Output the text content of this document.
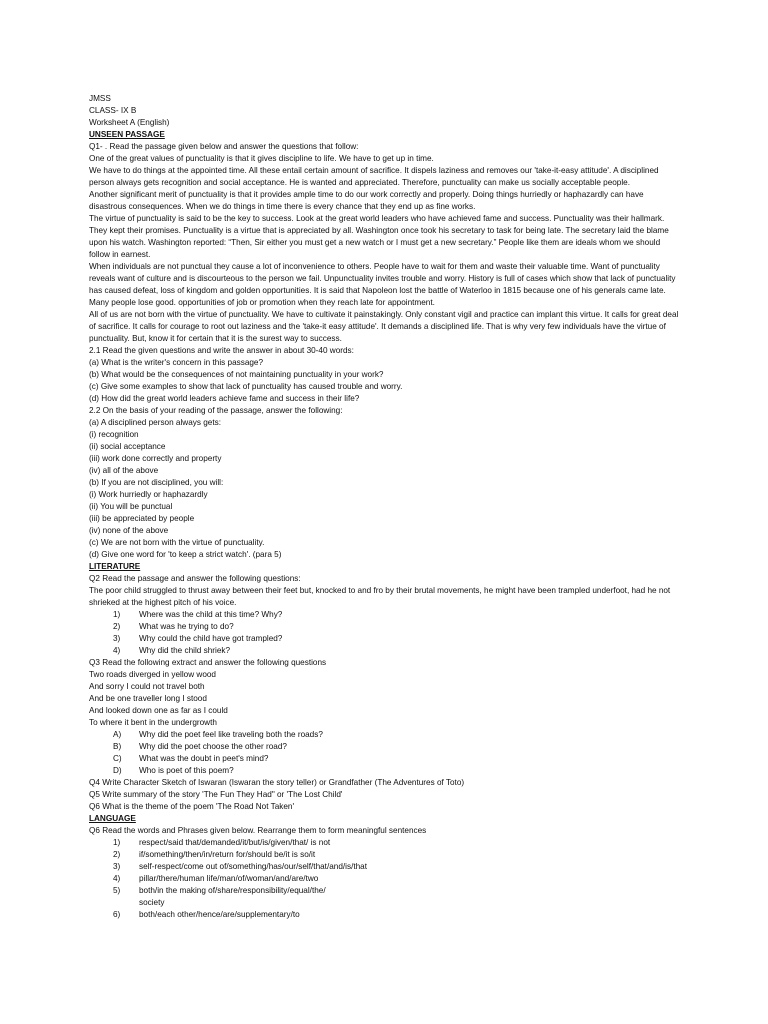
JMSS
CLASS- IX B
Worksheet A (English)
UNSEEN PASSAGE
Q1- . Read the passage given below and answer the questions that follow:
One of the great values of punctuality is that it gives discipline to life. We have to get up in time.
We have to do things at the appointed time. All these entail certain amount of sacrifice. It dispels laziness and removes our 'take-it-easy attitude'. A disciplined person always gets recognition and social acceptance. He is wanted and appreciated. Therefore, punctuality can make us socially acceptable people.
Another significant merit of punctuality is that it provides ample time to do our work correctly and properly. Doing things hurriedly or haphazardly can have disastrous consequences. When we do things in time there is every chance that they end up as fine works.
The virtue of punctuality is said to be the key to success. Look at the great world leaders who have achieved fame and success. Punctuality was their hallmark. They kept their promises. Punctuality is a virtue that is appreciated by all. Washington once took his secretary to task for being late. The secretary laid the blame upon his watch. Washington reported: “Then, Sir either you must get a new watch or I must get a new secretary.” People like them are ideals whom we should follow in earnest.
When individuals are not punctual they cause a lot of inconvenience to others. People have to wait for them and waste their valuable time. Want of punctuality reveals want of culture and is discourteous to the person we fail. Unpunctuality invites trouble and worry. History is full of cases which show that lack of punctuality has caused defeat, loss of kingdom and golden opportunities. It is said that Napoleon lost the battle of Waterloo in 1815 because one of his generals came late. Many people lose good. opportunities of job or promotion when they reach late for appointment.
All of us are not born with the virtue of punctuality. We have to cultivate it painstakingly. Only constant vigil and practice can implant this virtue. It calls for great deal of sacrifice. It calls for courage to root out laziness and the 'take-it easy attitude'. It demands a disciplined life. That is why very few individuals have the virtue of punctuality. But, know it for certain that it is the surest way to success.
2.1 Read the given questions and write the answer in about 30-40 words:
(a) What is the writer's concern in this passage?
(b) What would be the consequences of not maintaining punctuality in your work?
(c) Give some examples to show that lack of punctuality has caused trouble and worry.
(d) How did the great world leaders achieve fame and success in their life?
2.2 On the basis of your reading of the passage, answer the following:
(a) A disciplined person always gets:
(i) recognition
(ii) social acceptance
(iii) work done correctly and property
(iv) all of the above
(b) If you are not disciplined, you will:
(i) Work hurriedly or haphazardly
(ii) You will be punctual
(iii) be appreciated by people
(iv) none of the above
(c) We are not born with the virtue of punctuality.
(d) Give one word for 'to keep a strict watch'. (para 5)
LITERATURE
Q2 Read the passage and answer the following questions:
The poor child struggled to thrust away between their feet but, knocked to and fro by their brutal movements, he might have been trampled underfoot, had he not shrieked at the highest pitch of his voice.
1)	Where was the child at this time? Why?
2)	What was he trying to do?
3)	Why could the child have got trampled?
4)	Why did the child shriek?
Q3 Read the following extract and answer the following questions
Two roads diverged in yellow wood
And sorry I could not travel both
And be one traveller long I stood
And looked down one as far as I could
To where it bent in the undergrowth
A)	Why did the poet feel like traveling both the roads?
B)	Why did the poet choose the other road?
C)	What was the doubt in peet's mind?
D)	Who is poet of this poem?
Q4 Write Character Sketch of Iswaran (Iswaran the story teller) or Grandfather (The Adventures of Toto)
Q5 Write summary of the story 'The Fun They Had" or 'The Lost Child'
Q6 What is the theme of the poem 'The Road Not Taken'
LANGUAGE
Q6 Read the words and Phrases given below. Rearrange them to form meaningful sentences
1)	respect/said that/demanded/it/but/is/given/that/ is not
2)	if/something/then/in/return for/should be/it is so/it
3)	self-respect/come out of/something/has/our/self/that/and/is/that
4)	pillar/there/human life/man/of/woman/and/are/two
5)	both/in the making of/share/responsibility/equal/the/
society
6)	both/each other/hence/are/supplementary/to
